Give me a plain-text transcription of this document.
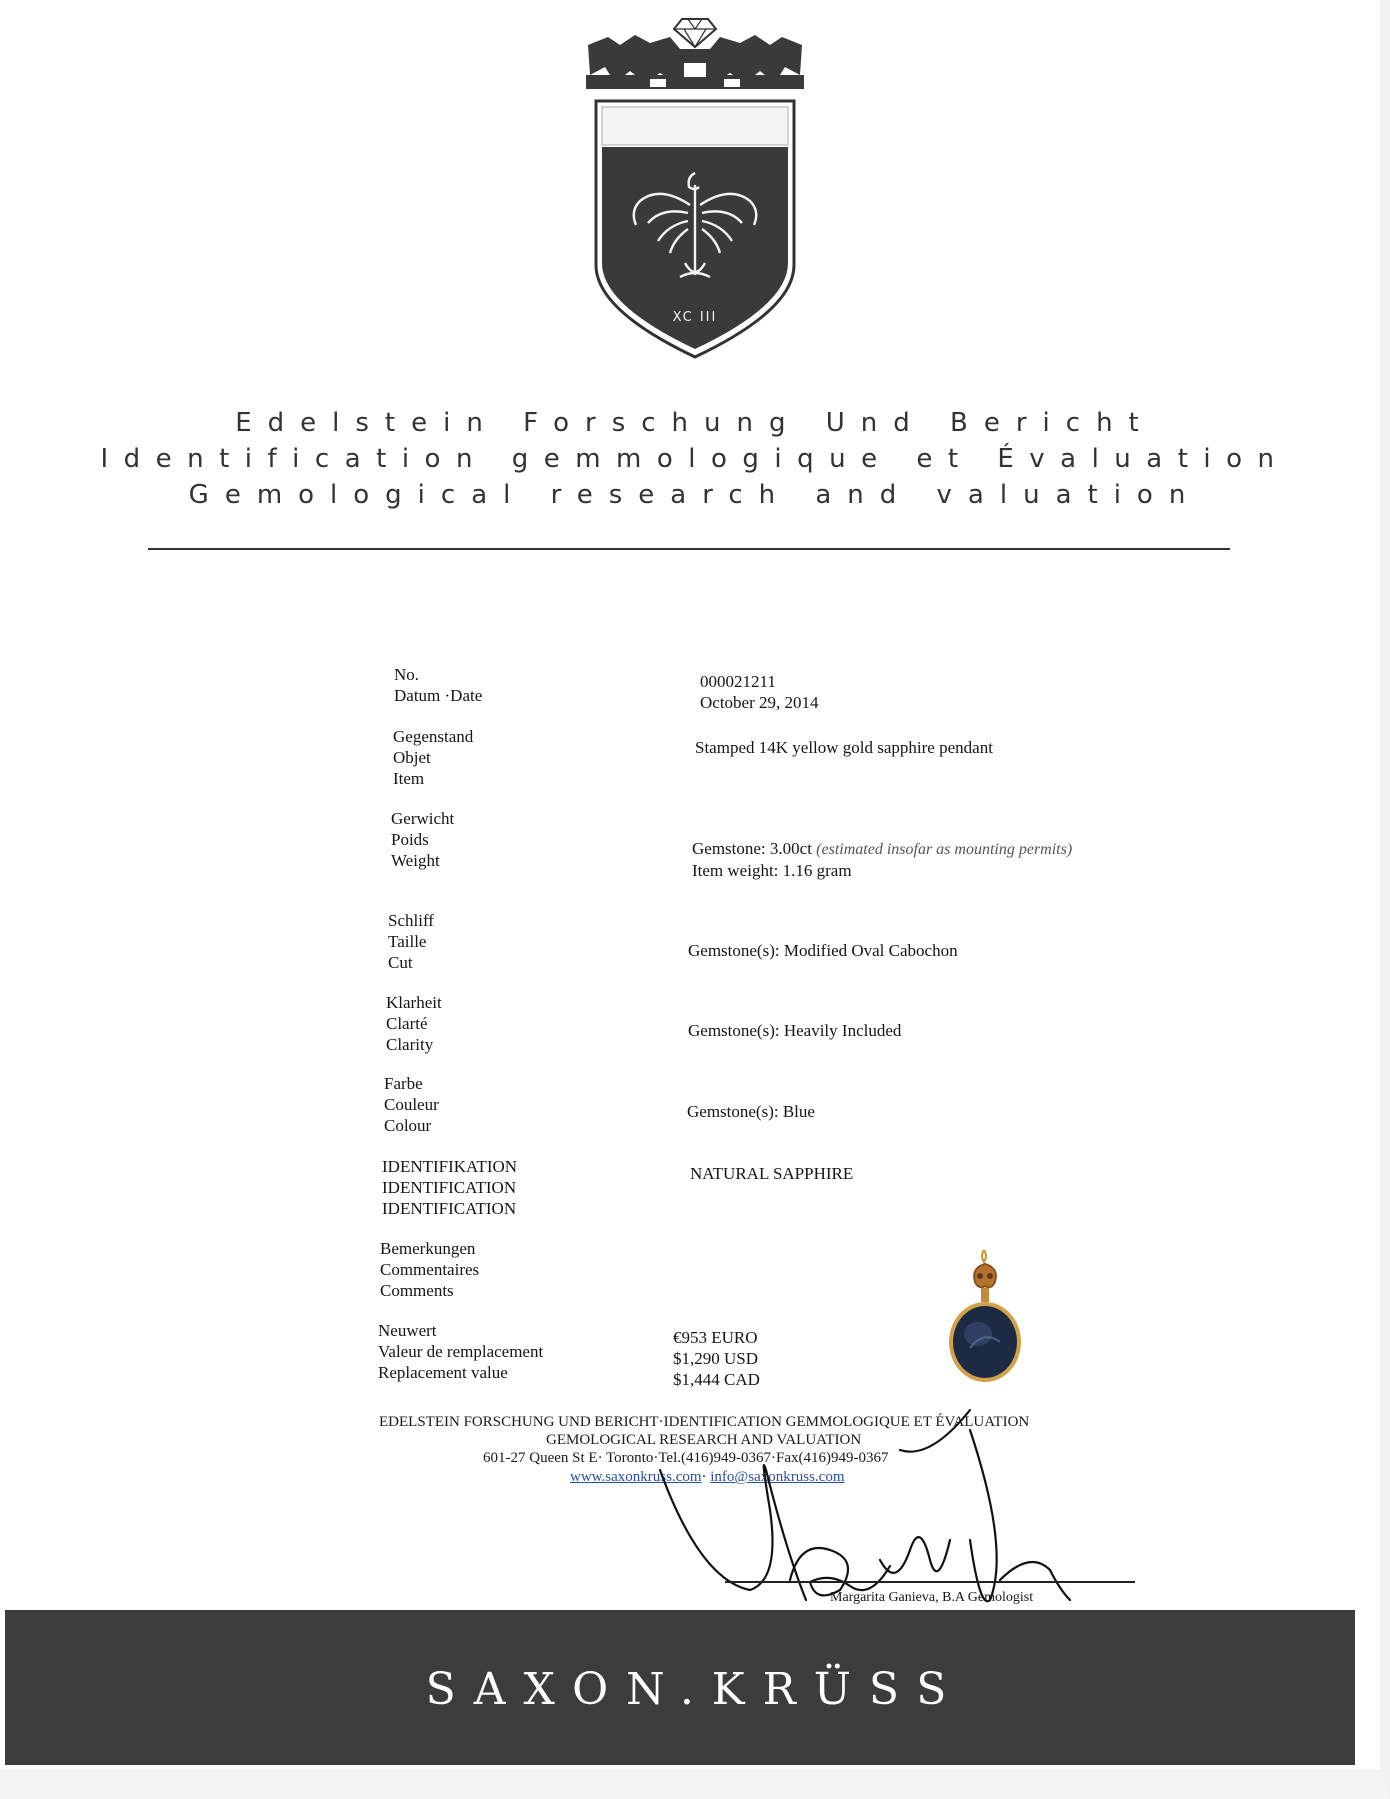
XC III
Edelstein Forschung Und Bericht
Identification gemmologique et Évaluation
Gemological research and valuation
No.
Datum ·Date
000021211
October 29, 2014
Gegenstand
Objet
Item
Stamped 14K yellow gold sapphire pendant
Gerwicht
Poids
Weight
Gemstone: 3.00ct (estimated insofar as mounting permits)
Item weight: 1.16 gram
Schliff
Taille
Cut
Gemstone(s): Modified Oval Cabochon
Klarheit
Clarté
Clarity
Gemstone(s): Heavily Included
Farbe
Couleur
Colour
Gemstone(s): Blue
IDENTIFIKATION
IDENTIFICATION
IDENTIFICATION
NATURAL SAPPHIRE
Bemerkungen
Commentaires
Comments
Neuwert
Valeur de remplacement
Replacement value
€953 EURO
$1,290 USD
$1,444 CAD
EDELSTEIN FORSCHUNG UND BERICHT·IDENTIFICATION GEMMOLOGIQUE ET ÉVALUATION
GEMOLOGICAL RESEARCH AND VALUATION
601-27 Queen St E· Toronto·Tel.(416)949-0367·Fax(416)949-0367
www.saxonkruss.com· info@saxonkruss.com
Margarita Ganieva, B.A Gemologist
SAXON.KRÜSS
